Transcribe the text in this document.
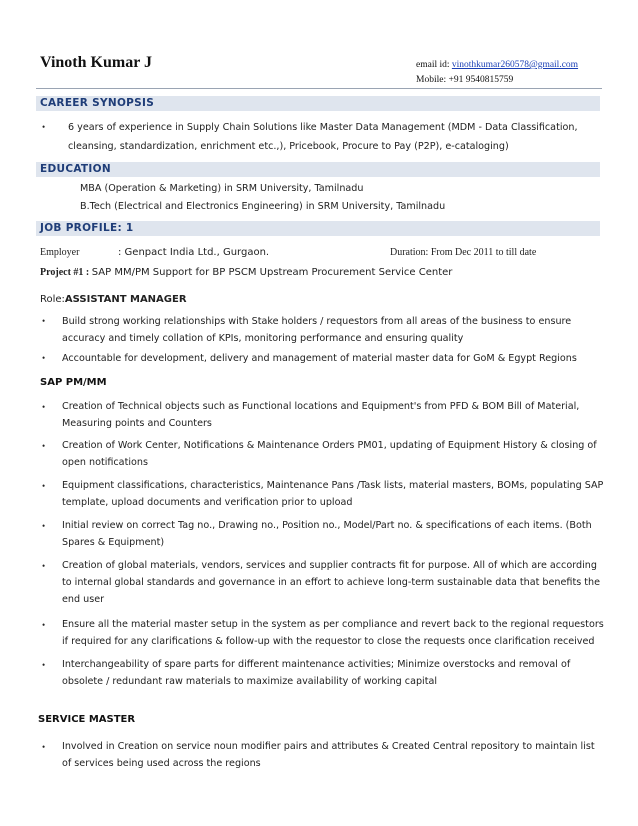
Vinoth Kumar J	email id: vinothkumar260578@gmail.com
Mobile: +91 9540815759
CAREER SYNOPSIS
• 6 years of experience in Supply Chain Solutions like Master Data Management (MDM - Data Classification,
cleansing, standardization, enrichment etc.,), Pricebook, Procure to Pay (P2P), e-cataloging)
EDUCATION
MBA (Operation & Marketing) in SRM University, Tamilnadu
B.Tech (Electrical and Electronics Engineering) in SRM University, Tamilnadu
JOB PROFILE: 1
Employer	: Genpact India Ltd., Gurgaon.	Duration: From Dec 2011 to till date
Project #1 : SAP MM/PM Support for BP PSCM Upstream Procurement Service Center
Role:ASSISTANT MANAGER
• Build strong working relationships with Stake holders / requestors from all areas of the business to ensure
accuracy and timely collation of KPIs, monitoring performance and ensuring quality
• Accountable for development, delivery and management of material master data for GoM & Egypt Regions
SAP PM/MM
• Creation of Technical objects such as Functional locations and Equipment's from PFD & BOM Bill of Material,
Measuring points and Counters
• Creation of Work Center, Notifications & Maintenance Orders PM01, updating of Equipment History & closing of
open notifications
• Equipment classifications, characteristics, Maintenance Pans /Task lists, material masters, BOMs, populating SAP
template, upload documents and verification prior to upload
• Initial review on correct Tag no., Drawing no., Position no., Model/Part no. & specifications of each items. (Both
Spares & Equipment)
• Creation of global materials, vendors, services and supplier contracts fit for purpose. All of which are according
to internal global standards and governance in an effort to achieve long-term sustainable data that benefits the
end user
• Ensure all the material master setup in the system as per compliance and revert back to the regional requestors
if required for any clarifications & follow-up with the requestor to close the requests once clarification received
• Interchangeability of spare parts for different maintenance activities; Minimize overstocks and removal of
obsolete / redundant raw materials to maximize availability of working capital
SERVICE MASTER
• Involved in Creation on service noun modifier pairs and attributes & Created Central repository to maintain list
of services being used across the regions
